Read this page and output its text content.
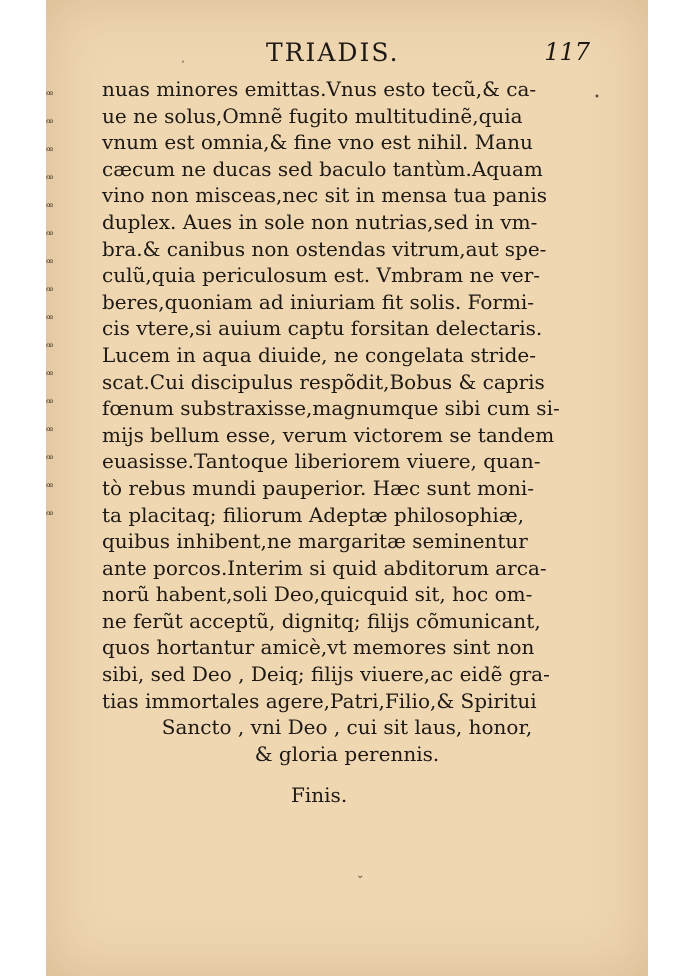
ꟹ
ꟹ
ꟹ
ꟹ
ꟹ
ꟹ
ꟹ
ꟹ
ꟹ
ꟹ
ꟹ
ꟹ
ꟹ
ꟹ
ꟹ
ꟹ
ʼ
•
⌄
TRIADIS.	117
nuas minores emittas.Vnus esto tecũ,& ca-
ue ne solus,Omnẽ fugito multitudinẽ,quia
vnum est omnia,& fine vno est nihil. Manu
cæcum ne ducas sed baculo tantùm.Aquam
vino non misceas,nec sit in mensa tua panis
duplex. Aues in sole non nutrias,sed in vm-
bra.& canibus non ostendas vitrum,aut spe-
culũ,quia periculosum est. Vmbram ne ver-
beres,quoniam ad iniuriam fit solis. Formi-
cis vtere,si auium captu forsitan delectaris.
Lucem in aqua diuide, ne congelata stride-
scat.Cui discipulus respõdit,Bobus & capris
fœnum substraxisse,magnumque sibi cum si-
mijs bellum esse, verum victorem se tandem
euasisse.Tantoque liberiorem viuere, quan-
tò rebus mundi pauperior. Hæc sunt moni-
ta placitaq; filiorum Adeptæ philosophiæ,
quibus inhibent,ne margaritæ seminentur
ante porcos.Interim si quid abditorum arca-
norũ habent,soli Deo,quicquid sit, hoc om-
ne ferũt acceptũ, dignitq; filijs cõmunicant,
quos hortantur amicè,vt memores sint non
sibi, sed Deo , Deiq; filijs viuere,ac eidẽ gra-
tias immortales agere,Patri,Filio,& Spiritui
Sancto , vni Deo , cui sit laus, honor,
& gloria perennis.
Finis.
